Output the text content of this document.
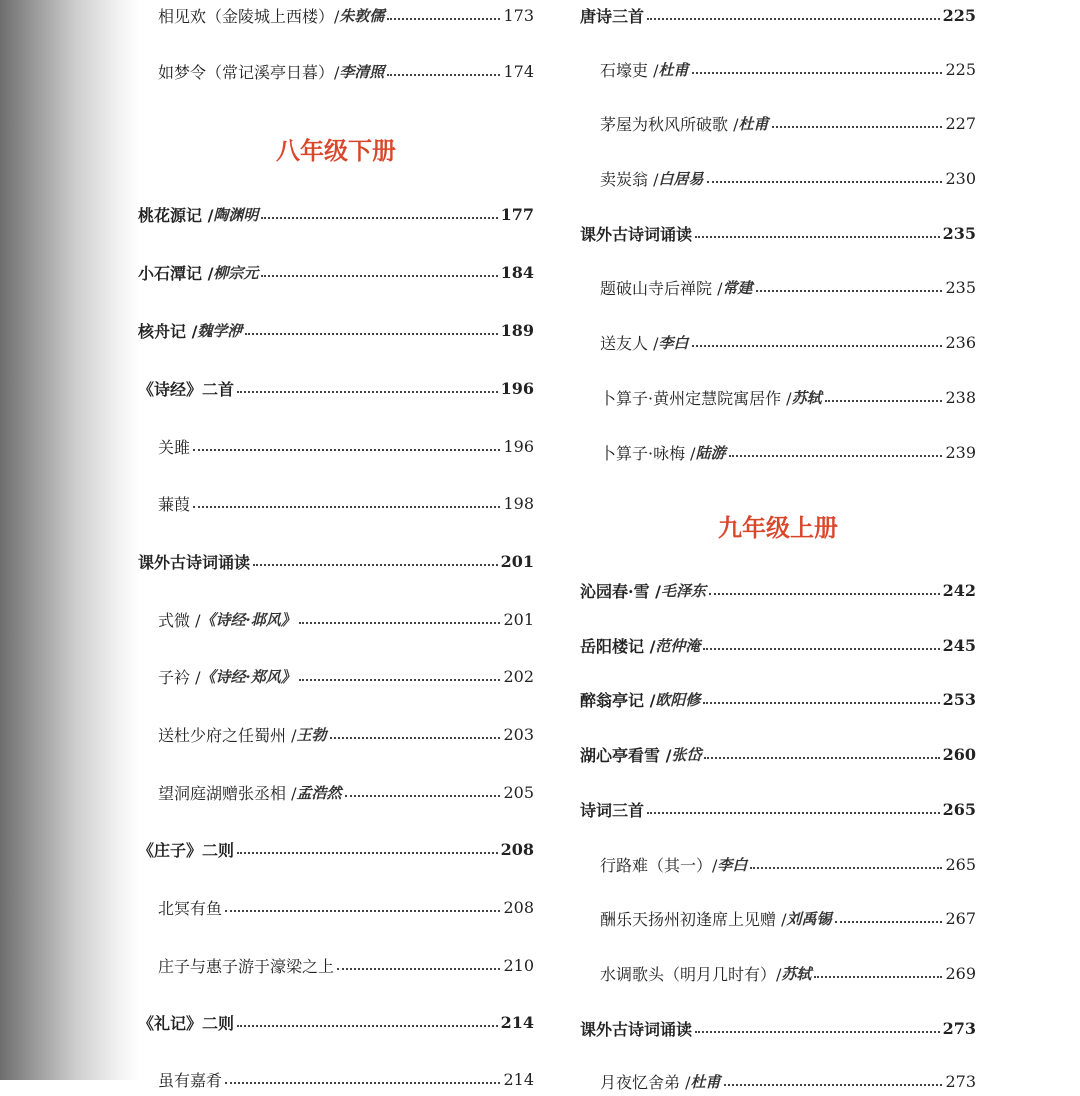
相见欢（金陵城上西楼）/ 朱敦儒	173
如梦令（常记溪亭日暮）/ 李清照	174
八年级下册
桃花源记 / 陶渊明	177
小石潭记 / 柳宗元	184
核舟记 / 魏学洢	189
《诗经》二首	196
关雎	196
蒹葭	198
课外古诗词诵读	201
式微 / 《诗经·邶风》	201
子衿 / 《诗经·郑风》	202
送杜少府之任蜀州 / 王勃	203
望洞庭湖赠张丞相 / 孟浩然	205
《庄子》二则	208
北冥有鱼	208
庄子与惠子游于濠梁之上	210
《礼记》二则	214
虽有嘉肴	214
唐诗三首	225
石壕吏 / 杜甫	225
茅屋为秋风所破歌 / 杜甫	227
卖炭翁 / 白居易	230
课外古诗词诵读	235
题破山寺后禅院 / 常建	235
送友人 / 李白	236
卜算子·黄州定慧院寓居作 / 苏轼	238
卜算子·咏梅 / 陆游	239
九年级上册
沁园春·雪 / 毛泽东	242
岳阳楼记 / 范仲淹	245
醉翁亭记 / 欧阳修	253
湖心亭看雪 / 张岱	260
诗词三首	265
行路难（其一）/ 李白	265
酬乐天扬州初逢席上见赠 / 刘禹锡	267
水调歌头（明月几时有）/ 苏轼	269
课外古诗词诵读	273
月夜忆舍弟 / 杜甫	273
